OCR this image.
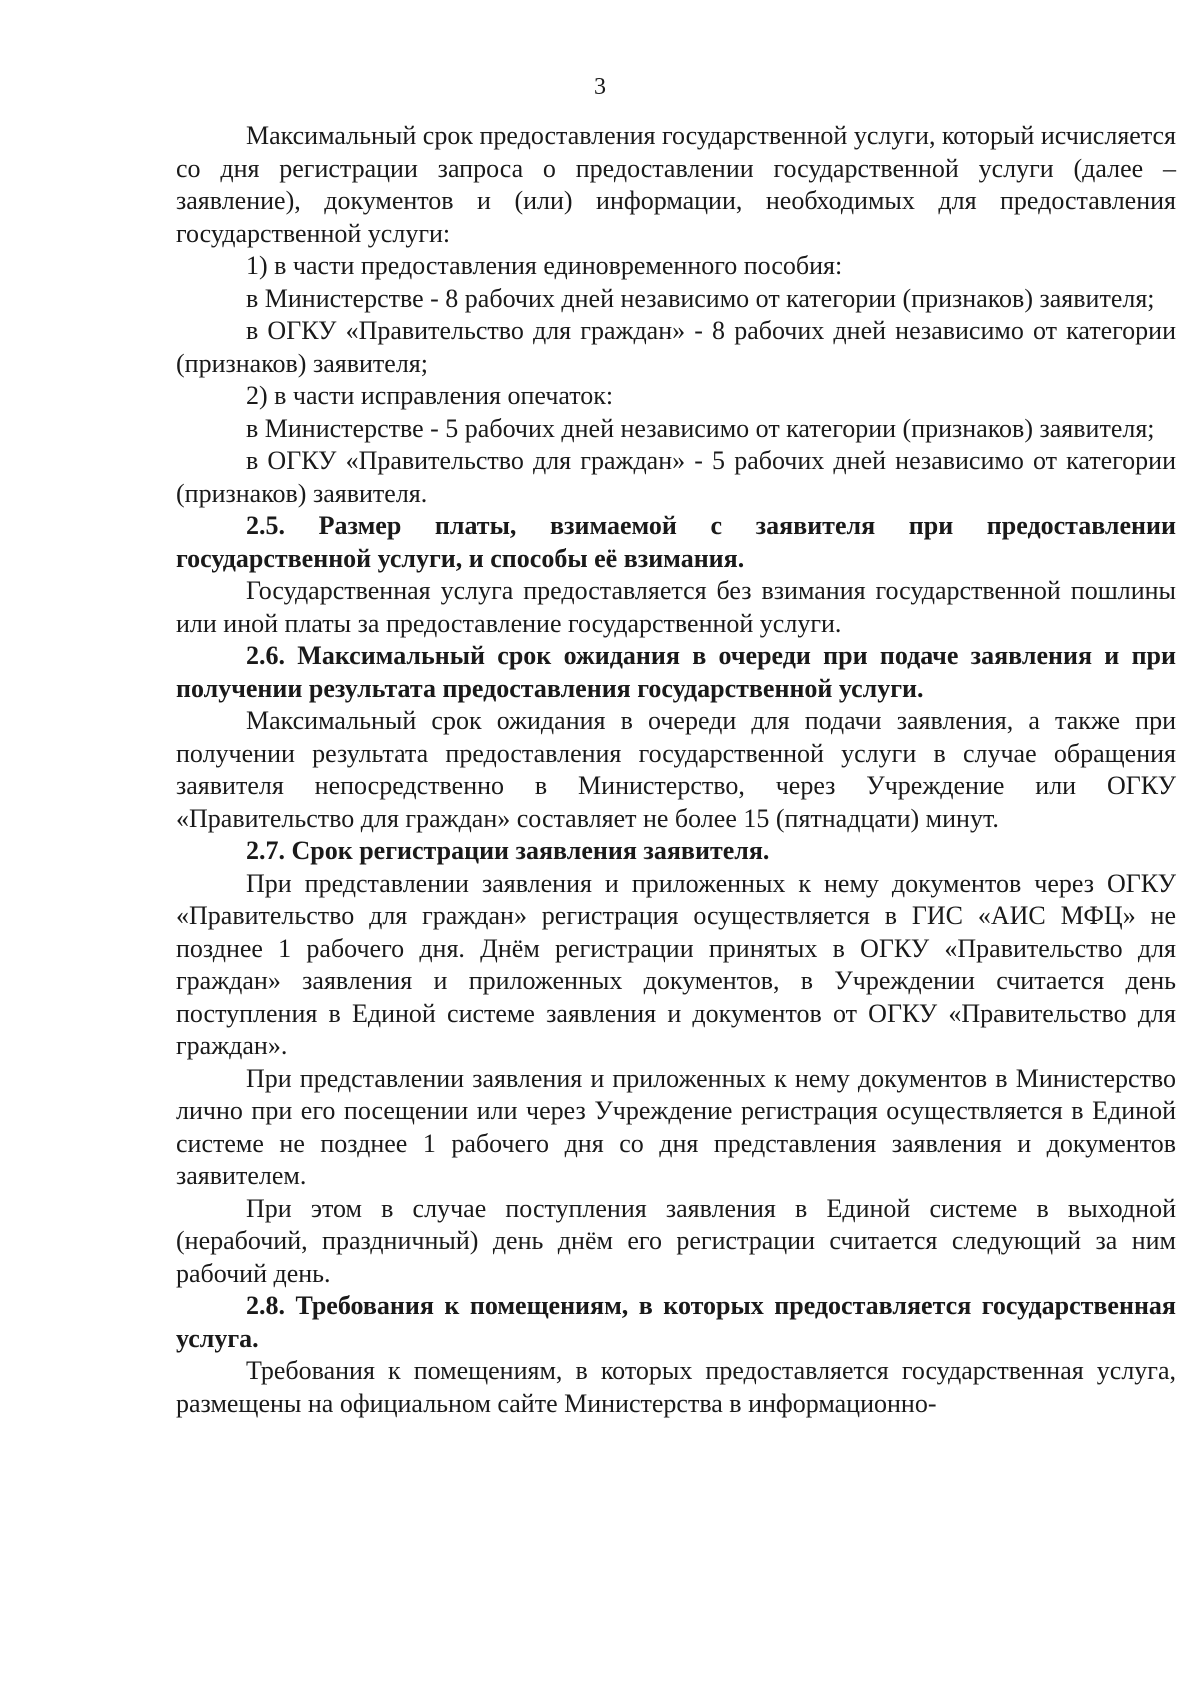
3

Максимальный срок предоставления государственной услуги, который исчисляется со дня регистрации запроса о предоставлении государственной услуги (далее – заявление), документов и (или) информации, необходимых для предоставления государственной услуги:

1) в части предоставления единовременного пособия:

в Министерстве - 8 рабочих дней независимо от категории (признаков) заявителя;

в ОГКУ «Правительство для граждан» - 8 рабочих дней независимо от категории (признаков) заявителя;

2) в части исправления опечаток:

в Министерстве - 5 рабочих дней независимо от категории (признаков) заявителя;

в ОГКУ «Правительство для граждан» - 5 рабочих дней независимо от категории (признаков) заявителя.

2.5. Размер платы, взимаемой с заявителя при предоставлении государственной услуги, и способы её взимания.

Государственная услуга предоставляется без взимания государственной пошлины или иной платы за предоставление государственной услуги.

2.6. Максимальный срок ожидания в очереди при подаче заявления и при получении результата предоставления государственной услуги.

Максимальный срок ожидания в очереди для подачи заявления, а также при получении результата предоставления государственной услуги в случае обращения заявителя непосредственно в Министерство, через Учреждение или ОГКУ «Правительство для граждан» составляет не более 15 (пятнадцати) минут.

2.7. Срок регистрации заявления заявителя.

При представлении заявления и приложенных к нему документов через ОГКУ «Правительство для граждан» регистрация осуществляется в ГИС «АИС МФЦ» не позднее 1 рабочего дня. Днём регистрации принятых в ОГКУ «Правительство для граждан» заявления и приложенных документов, в Учреждении считается день поступления в Единой системе заявления и документов от ОГКУ «Правительство для граждан».

При представлении заявления и приложенных к нему документов в Министерство лично при его посещении или через Учреждение регистрация осуществляется в Единой системе не позднее 1 рабочего дня со дня представления заявления и документов заявителем.

При этом в случае поступления заявления в Единой системе в выходной (нерабочий, праздничный) день днём его регистрации считается следующий за ним рабочий день.

2.8. Требования к помещениям, в которых предоставляется государственная услуга.

Требования к помещениям, в которых предоставляется государственная услуга, размещены на официальном сайте Министерства в информационно-
